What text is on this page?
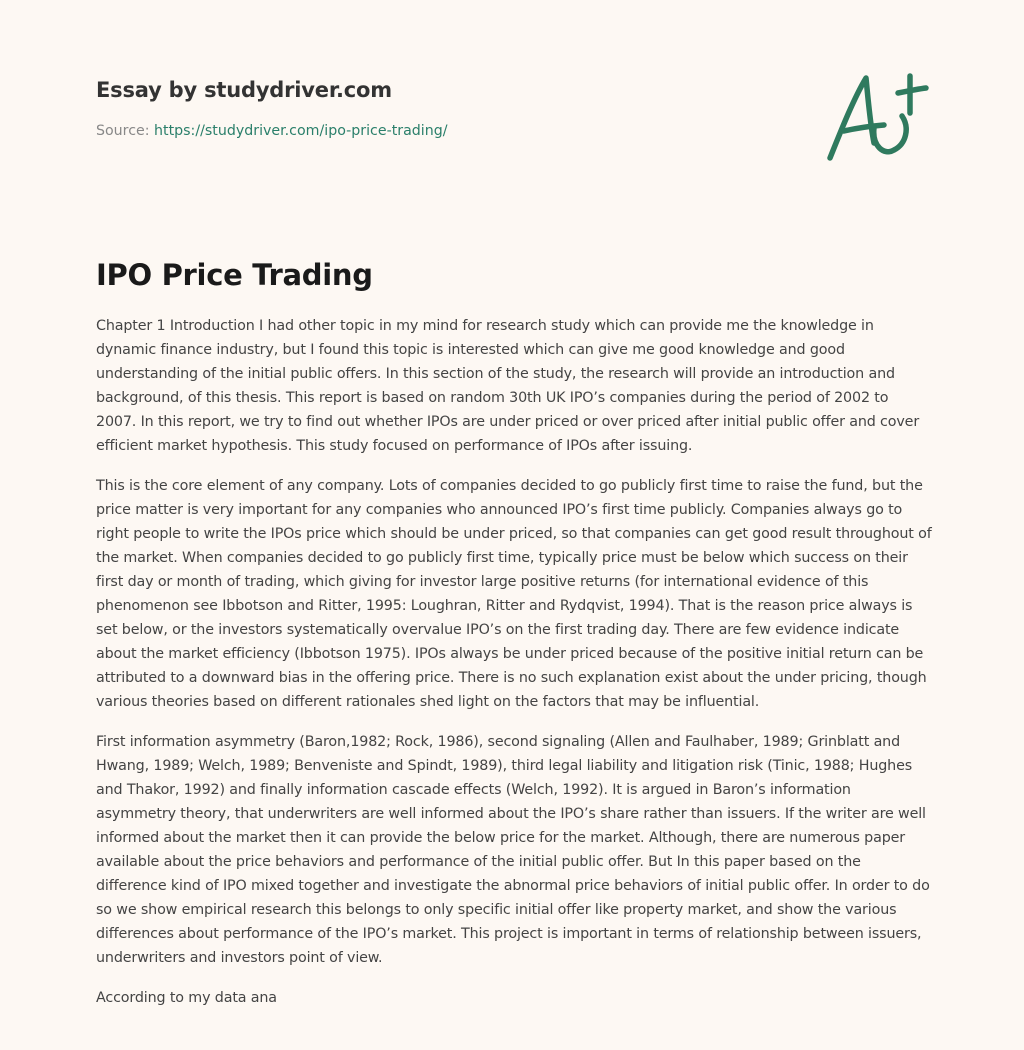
Essay by studydriver.com
Source: https://studydriver.com/ipo-price-trading/
IPO Price Trading

Chapter 1 Introduction I had other topic in my mind for research study which can provide me the knowledge in dynamic finance industry, but I found this topic is interested which can give me good knowledge and good understanding of the initial public offers. In this section of the study, the research will provide an introduction and background, of this thesis. This report is based on random 30th UK IPO’s companies during the period of 2002 to 2007. In this report, we try to find out whether IPOs are under priced or over priced after initial public offer and cover efficient market hypothesis. This study focused on performance of IPOs after issuing.

This is the core element of any company. Lots of companies decided to go publicly first time to raise the fund, but the price matter is very important for any companies who announced IPO’s first time publicly. Companies always go to right people to write the IPOs price which should be under priced, so that companies can get good result throughout of the market. When companies decided to go publicly first time, typically price must be below which success on their first day or month of trading, which giving for investor large positive returns (for international evidence of this phenomenon see Ibbotson and Ritter, 1995: Loughran, Ritter and Rydqvist, 1994). That is the reason price always is set below, or the investors systematically overvalue IPO’s on the first trading day. There are few evidence indicate about the market efficiency (Ibbotson 1975). IPOs always be under priced because of the positive initial return can be attributed to a downward bias in the offering price. There is no such explanation exist about the under pricing, though various theories based on different rationales shed light on the factors that may be influential.

First information asymmetry (Baron,1982; Rock, 1986), second signaling (Allen and Faulhaber, 1989; Grinblatt and Hwang, 1989; Welch, 1989; Benveniste and Spindt, 1989), third legal liability and litigation risk (Tinic, 1988; Hughes and Thakor, 1992) and finally information cascade effects (Welch, 1992). It is argued in Baron’s information asymmetry theory, that underwriters are well informed about the IPO’s share rather than issuers. If the writer are well informed about the market then it can provide the below price for the market. Although, there are numerous paper available about the price behaviors and performance of the initial public offer. But In this paper based on the difference kind of IPO mixed together and investigate the abnormal price behaviors of initial public offer. In order to do so we show empirical research this belongs to only specific initial offer like property market, and show the various differences about performance of the IPO’s market. This project is important in terms of relationship between issuers, underwriters and investors point of view.

According to my data ana
